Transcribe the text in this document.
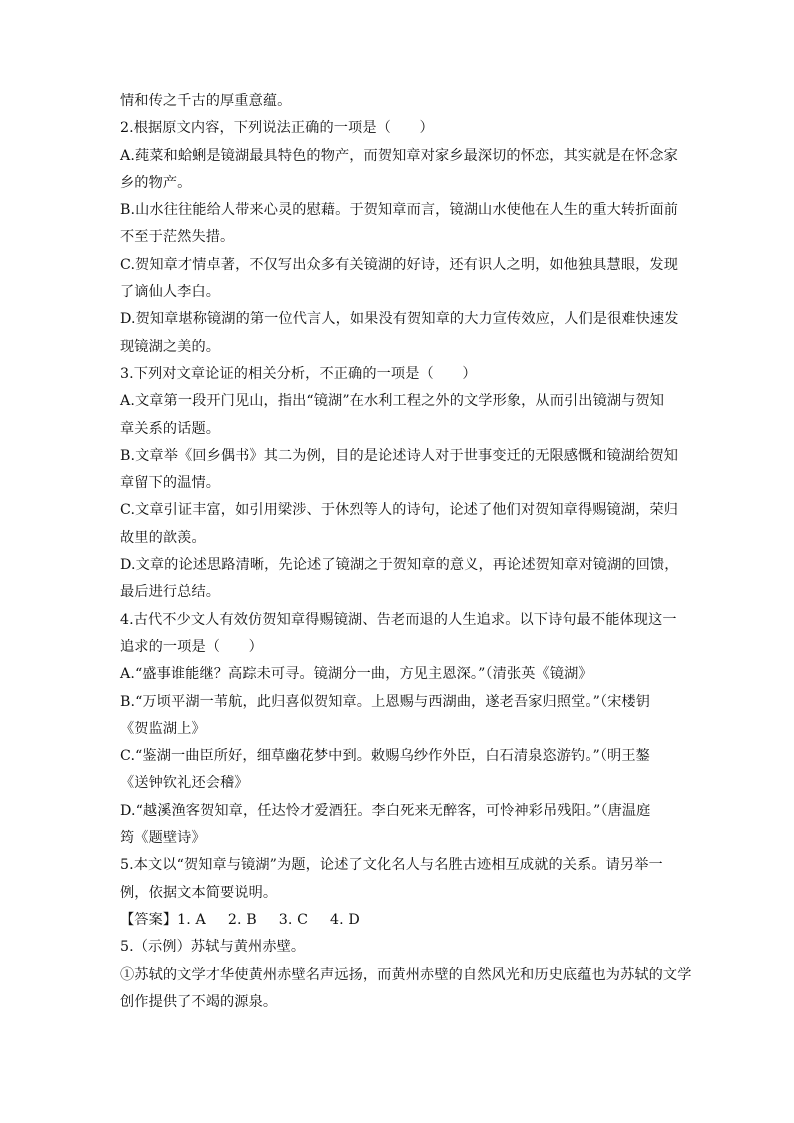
情和传之千古的厚重意蕴。
2.根据原文内容，下列说法正确的一项是（　　）
A.莼菜和蛤蜊是镜湖最具特色的物产，而贺知章对家乡最深切的怀恋，其实就是在怀念家
乡的物产。
B.山水往往能给人带来心灵的慰藉。于贺知章而言，镜湖山水使他在人生的重大转折面前
不至于茫然失措。
C.贺知章才情卓著，不仅写出众多有关镜湖的好诗，还有识人之明，如他独具慧眼，发现
了谪仙人李白。
D.贺知章堪称镜湖的第一位代言人，如果没有贺知章的大力宣传效应，人们是很难快速发
现镜湖之美的。
3.下列对文章论证的相关分析，不正确的一项是（　　）
A.文章第一段开门见山，指出“镜湖”在水利工程之外的文学形象，从而引出镜湖与贺知
章关系的话题。
B.文章举《回乡偶书》其二为例，目的是论述诗人对于世事变迁的无限感慨和镜湖给贺知
章留下的温情。
C.文章引证丰富，如引用梁涉、于休烈等人的诗句，论述了他们对贺知章得赐镜湖，荣归
故里的歆羡。
D.文章的论述思路清晰，先论述了镜湖之于贺知章的意义，再论述贺知章对镜湖的回馈，
最后进行总结。
4.古代不少文人有效仿贺知章得赐镜湖、告老而退的人生追求。以下诗句最不能体现这一
追求的一项是（　　）
A.“盛事谁能继？高踪未可寻。镜湖分一曲，方见主恩深。”（清张英《镜湖》
B.“万顷平湖一苇航，此归喜似贺知章。上恩赐与西湖曲，遂老吾家归照堂。”（宋楼钥
《贺监湖上》
C.“鉴湖一曲臣所好，细草幽花梦中到。敕赐乌纱作外臣，白石清泉恣游钓。”（明王鏊
《送钟钦礼还会稽》
D.“越溪渔客贺知章，任达怜才爱酒狂。李白死来无醉客，可怜神彩吊残阳。”（唐温庭
筠《题壁诗》
5.本文以“贺知章与镜湖”为题，论述了文化名人与名胜古迹相互成就的关系。请另举一
例，依据文本简要说明。
【答案】1. A 2. B 3. C 4. D
5.（示例）苏轼与黄州赤壁。
①苏轼的文学才华使黄州赤壁名声远扬，而黄州赤壁的自然风光和历史底蕴也为苏轼的文学
创作提供了不竭的源泉。
